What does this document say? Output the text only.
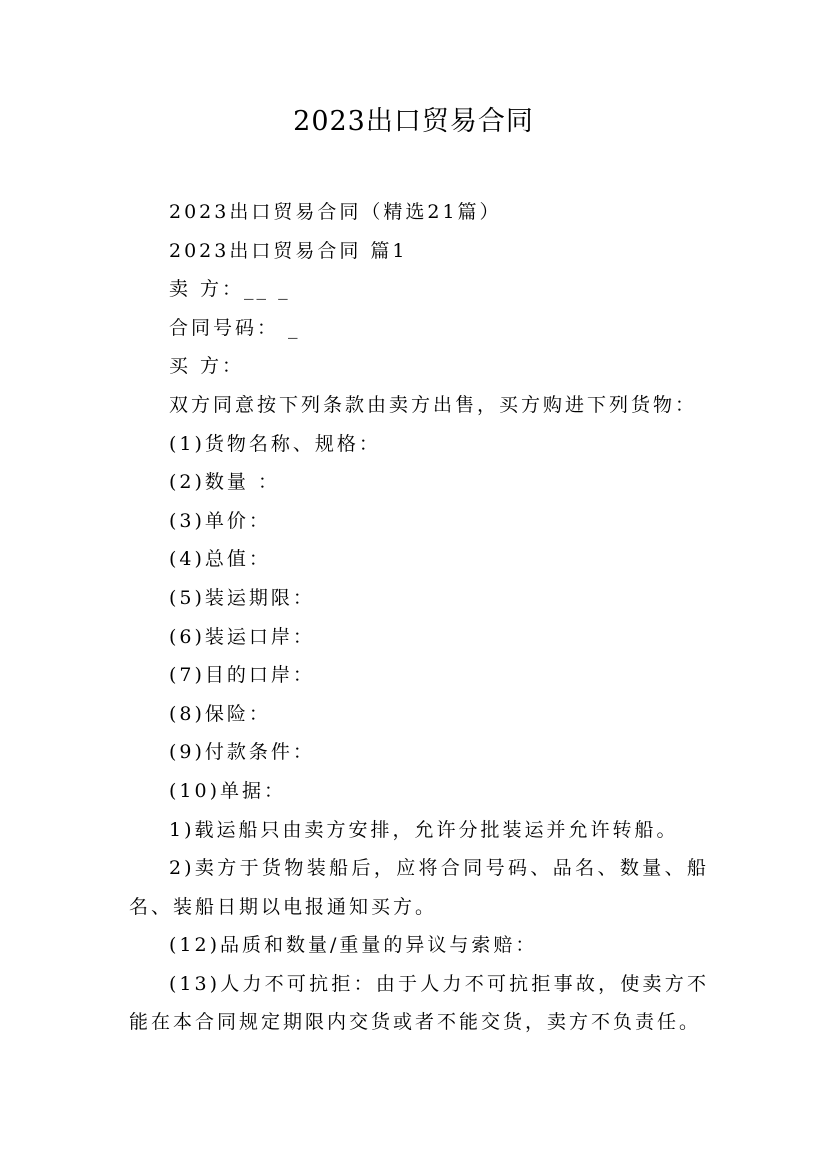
2023出口贸易合同

2023出口贸易合同（精选21篇）

2023出口贸易合同 篇1

卖 方：__ _

合同号码： _

买 方：

双方同意按下列条款由卖方出售，买方购进下列货物：

(1)货物名称、规格：

(2)数量 ：

(3)单价：

(4)总值：

(5)装运期限：

(6)装运口岸：

(7)目的口岸：

(8)保险：

(9)付款条件：

(10)单据：

1)载运船只由卖方安排，允许分批装运并允许转船。

2)卖方于货物装船后，应将合同号码、品名、数量、船名、装船日期以电报通知买方。

(12)品质和数量/重量的异议与索赔：

(13)人力不可抗拒：由于人力不可抗拒事故，使卖方不能在本合同规定期限内交货或者不能交货，卖方不负责任。
